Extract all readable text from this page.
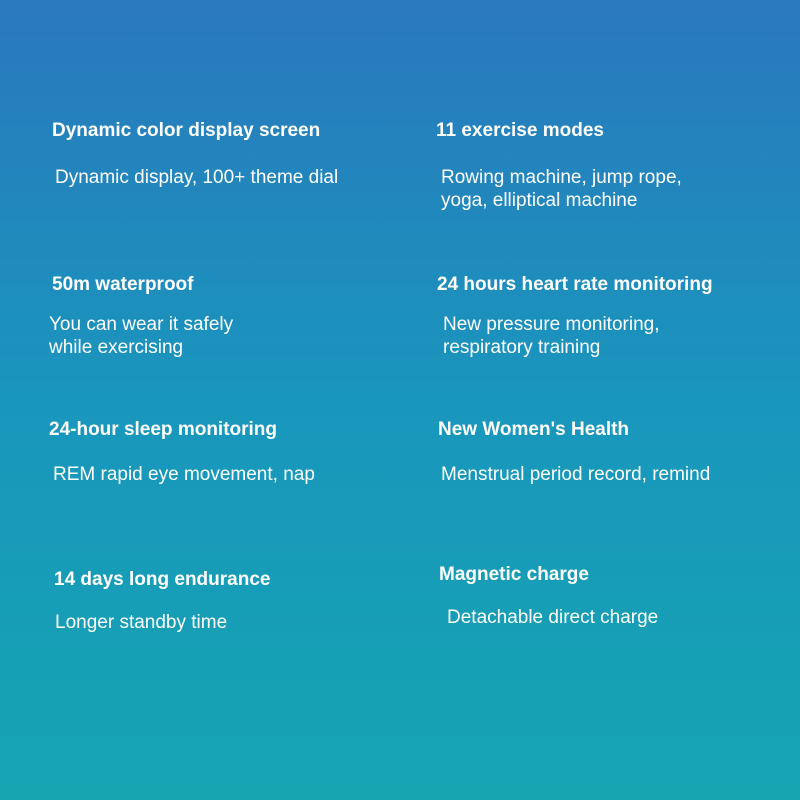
Dynamic color display screen

Dynamic display, 100+ theme dial

11 exercise modes

Rowing machine, jump rope,
yoga, elliptical machine

50m waterproof

You can wear it safely
while exercising

24 hours heart rate monitoring

New pressure monitoring,
respiratory training

24-hour sleep monitoring

REM rapid eye movement, nap

New Women's Health

Menstrual period record, remind

14 days long endurance

Longer standby time

Magnetic charge

Detachable direct charge
